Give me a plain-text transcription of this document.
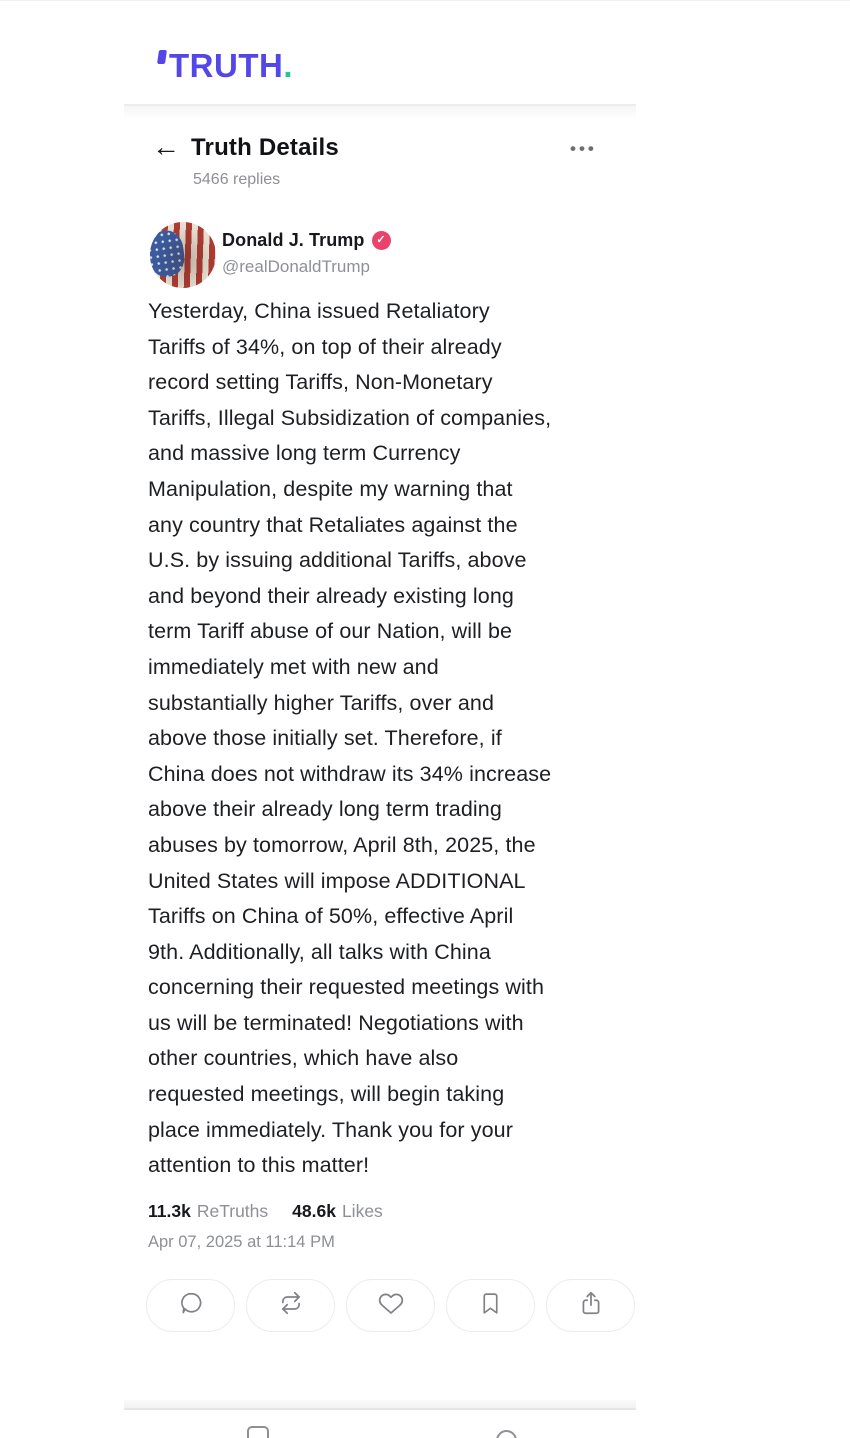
TRUTH .
← Truth Details
5466 replies
•••
Donald J. Trump	✓
@realDonaldTrump
Yesterday, China issued Retaliatory
Tariffs of 34%, on top of their already
record setting Tariffs, Non-Monetary
Tariffs, Illegal Subsidization of companies,
and massive long term Currency
Manipulation, despite my warning that
any country that Retaliates against the
U.S. by issuing additional Tariffs, above
and beyond their already existing long
term Tariff abuse of our Nation, will be
immediately met with new and
substantially higher Tariffs, over and
above those initially set. Therefore, if
China does not withdraw its 34% increase
above their already long term trading
abuses by tomorrow, April 8th, 2025, the
United States will impose ADDITIONAL
Tariffs on China of 50%, effective April
9th. Additionally, all talks with China
concerning their requested meetings with
us will be terminated! Negotiations with
other countries, which have also
requested meetings, will begin taking
place immediately. Thank you for your
attention to this matter!
11.3k ReTruths 48.6k Likes
Apr 07, 2025 at 11:14 PM
